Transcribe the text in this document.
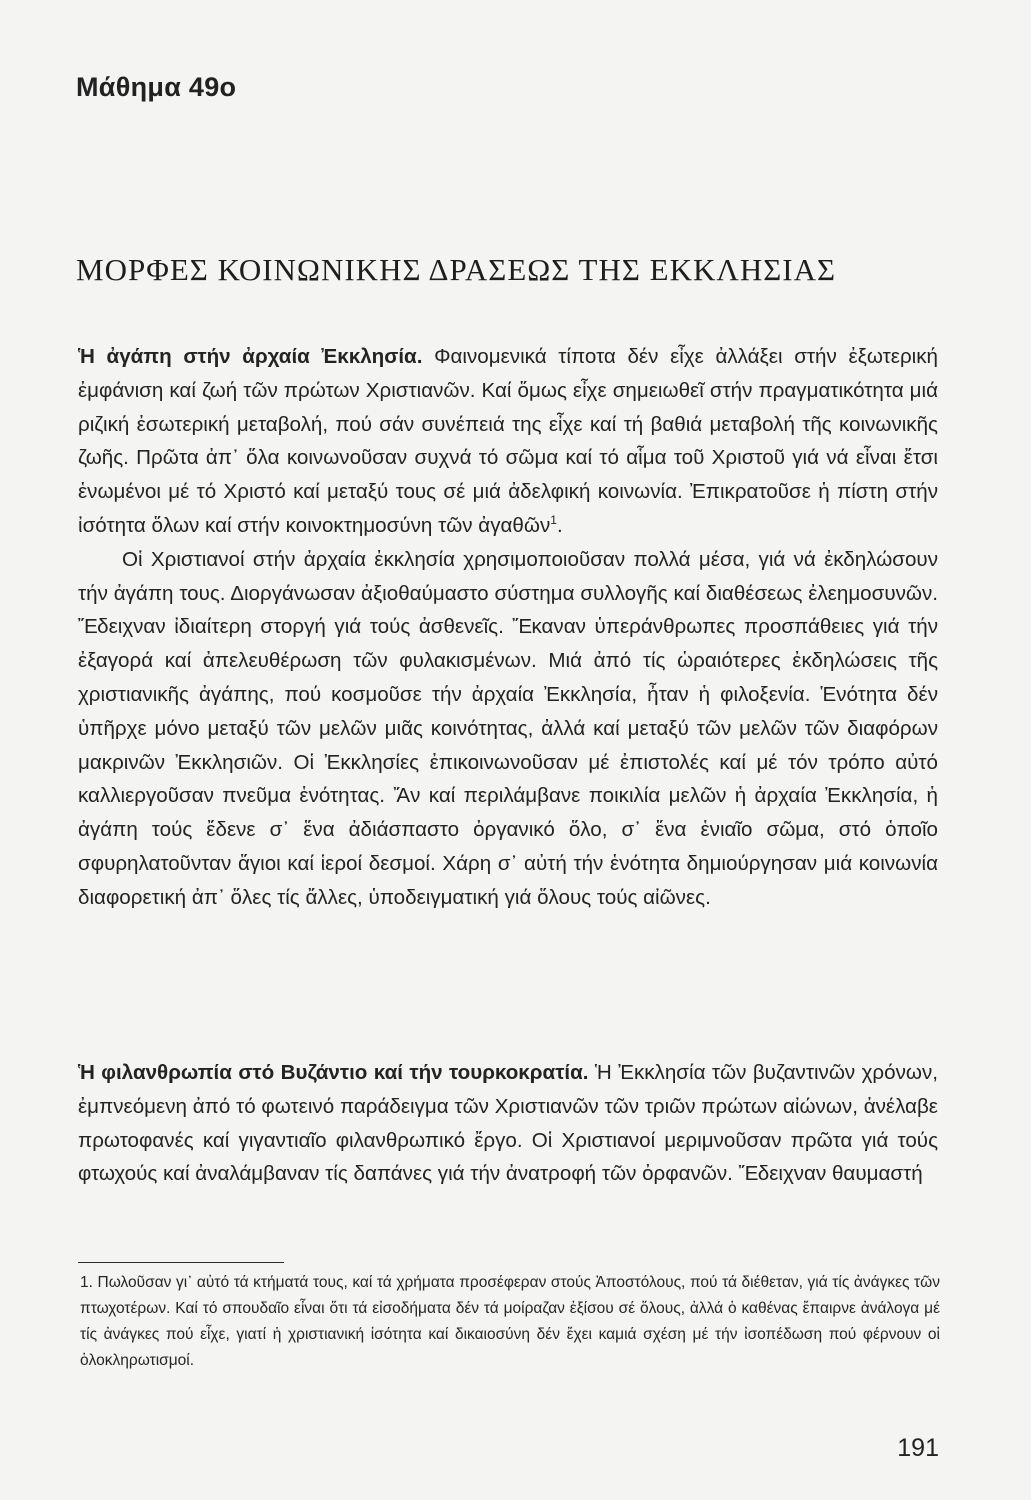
Μάθημα 49ο
ΜΟΡΦΕΣ ΚΟΙΝΩΝΙΚΗΣ ΔΡΑΣΕΩΣ ΤΗΣ ΕΚΚΛΗΣΙΑΣ

Ἡ ἀγάπη στήν ἀρχαία Ἐκκλησία. Φαινομενικά τίποτα δέν εἶχε ἀλλάξει στήν ἐξωτερική ἐμφάνιση καί ζωή τῶν πρώτων Χριστιανῶν. Καί ὅμως εἶχε σημειωθεῖ στήν πραγματικότητα μιά ριζική ἐσωτερική μεταβολή, πού σάν συνέπειά της εἶχε καί τή βαθιά μεταβολή τῆς κοινωνικῆς ζωῆς. Πρῶτα ἀπ᾽ ὅλα κοινωνοῦσαν συχνά τό σῶμα καί τό αἷμα τοῦ Χριστοῦ γιά νά εἶναι ἔτσι ἑνωμένοι μέ τό Χριστό καί μεταξύ τους σέ μιά ἀδελφική κοινωνία. Ἐπικρατοῦσε ἡ πίστη στήν ἰσότητα ὅλων καί στήν κοινοκτημοσύνη τῶν ἀγαθῶν$^1$.

Οἱ Χριστιανοί στήν ἀρχαία ἐκκλησία χρησιμοποιοῦσαν πολλά μέσα, γιά νά ἐκδηλώσουν τήν ἀγάπη τους. Διοργάνωσαν ἀξιοθαύμαστο σύστημα συλλογῆς καί διαθέσεως ἐλεημοσυνῶν. Ἔδειχναν ἰδιαίτερη στοργή γιά τούς ἀσθενεῖς. Ἔκαναν ὑπεράνθρωπες προσπάθειες γιά τήν ἐξαγορά καί ἀπελευθέρωση τῶν φυλακισμένων. Μιά ἀπό τίς ὡραιότερες ἐκδηλώσεις τῆς χριστιανικῆς ἀγάπης, πού κοσμοῦσε τήν ἀρχαία Ἐκκλησία, ἦταν ἡ φιλοξενία. Ἑνότητα δέν ὑπῆρχε μόνο μεταξύ τῶν μελῶν μιᾶς κοινότητας, ἀλλά καί μεταξύ τῶν μελῶν τῶν διαφόρων μακρινῶν Ἐκκλησιῶν. Οἱ Ἐκκλησίες ἐπικοινωνοῦσαν μέ ἐπιστολές καί μέ τόν τρόπο αὐτό καλλιεργοῦσαν πνεῦμα ἑνότητας. Ἄν καί περιλάμβανε ποικιλία μελῶν ἡ ἀρχαία Ἐκκλησία, ἡ ἀγάπη τούς ἔδενε σ᾽ ἕνα ἀδιάσπαστο ὀργανικό ὅλο, σ᾽ ἕνα ἑνιαῖο σῶμα, στό ὁποῖο σφυρηλατοῦνταν ἅγιοι καί ἱεροί δεσμοί. Χάρη σ᾽ αὐτή τήν ἑνότητα δημιούργησαν μιά κοινωνία διαφορετική ἀπ᾽ ὅλες τίς ἄλλες, ὑποδειγματική γιά ὅλους τούς αἰῶνες.

Ἡ φιλανθρωπία στό Βυζάντιο καί τήν τουρκοκρατία. Ἡ Ἐκκλησία τῶν βυζαντινῶν χρόνων, ἐμπνεόμενη ἀπό τό φωτεινό παράδειγμα τῶν Χριστιανῶν τῶν τριῶν πρώτων αἰώνων, ἀνέλαβε πρωτοφανές καί γιγαντιαῖο φιλανθρωπικό ἔργο. Οἱ Χριστιανοί μεριμνοῦσαν πρῶτα γιά τούς φτωχούς καί ἀναλάμβαναν τίς δαπάνες γιά τήν ἀνατροφή τῶν ὀρφανῶν. Ἔδειχναν θαυμαστή

1. Πωλοῦσαν γι᾽ αὐτό τά κτήματά τους, καί τά χρήματα προσέφεραν στούς Ἀποστόλους, πού τά διέθεταν, γιά τίς ἀνάγκες τῶν πτωχοτέρων. Καί τό σπουδαῖο εἶναι ὅτι τά εἰσοδήματα δέν τά μοίραζαν ἐξίσου σέ ὅλους, ἀλλά ὁ καθένας ἔπαιρνε ἀνάλογα μέ τίς ἀνάγκες πού εἶχε, γιατί ἡ χριστιανική ἰσότητα καί δικαιοσύνη δέν ἔχει καμιά σχέση μέ τήν ἰσοπέδωση πού φέρνουν οἱ ὁλοκληρωτισμοί.

191
